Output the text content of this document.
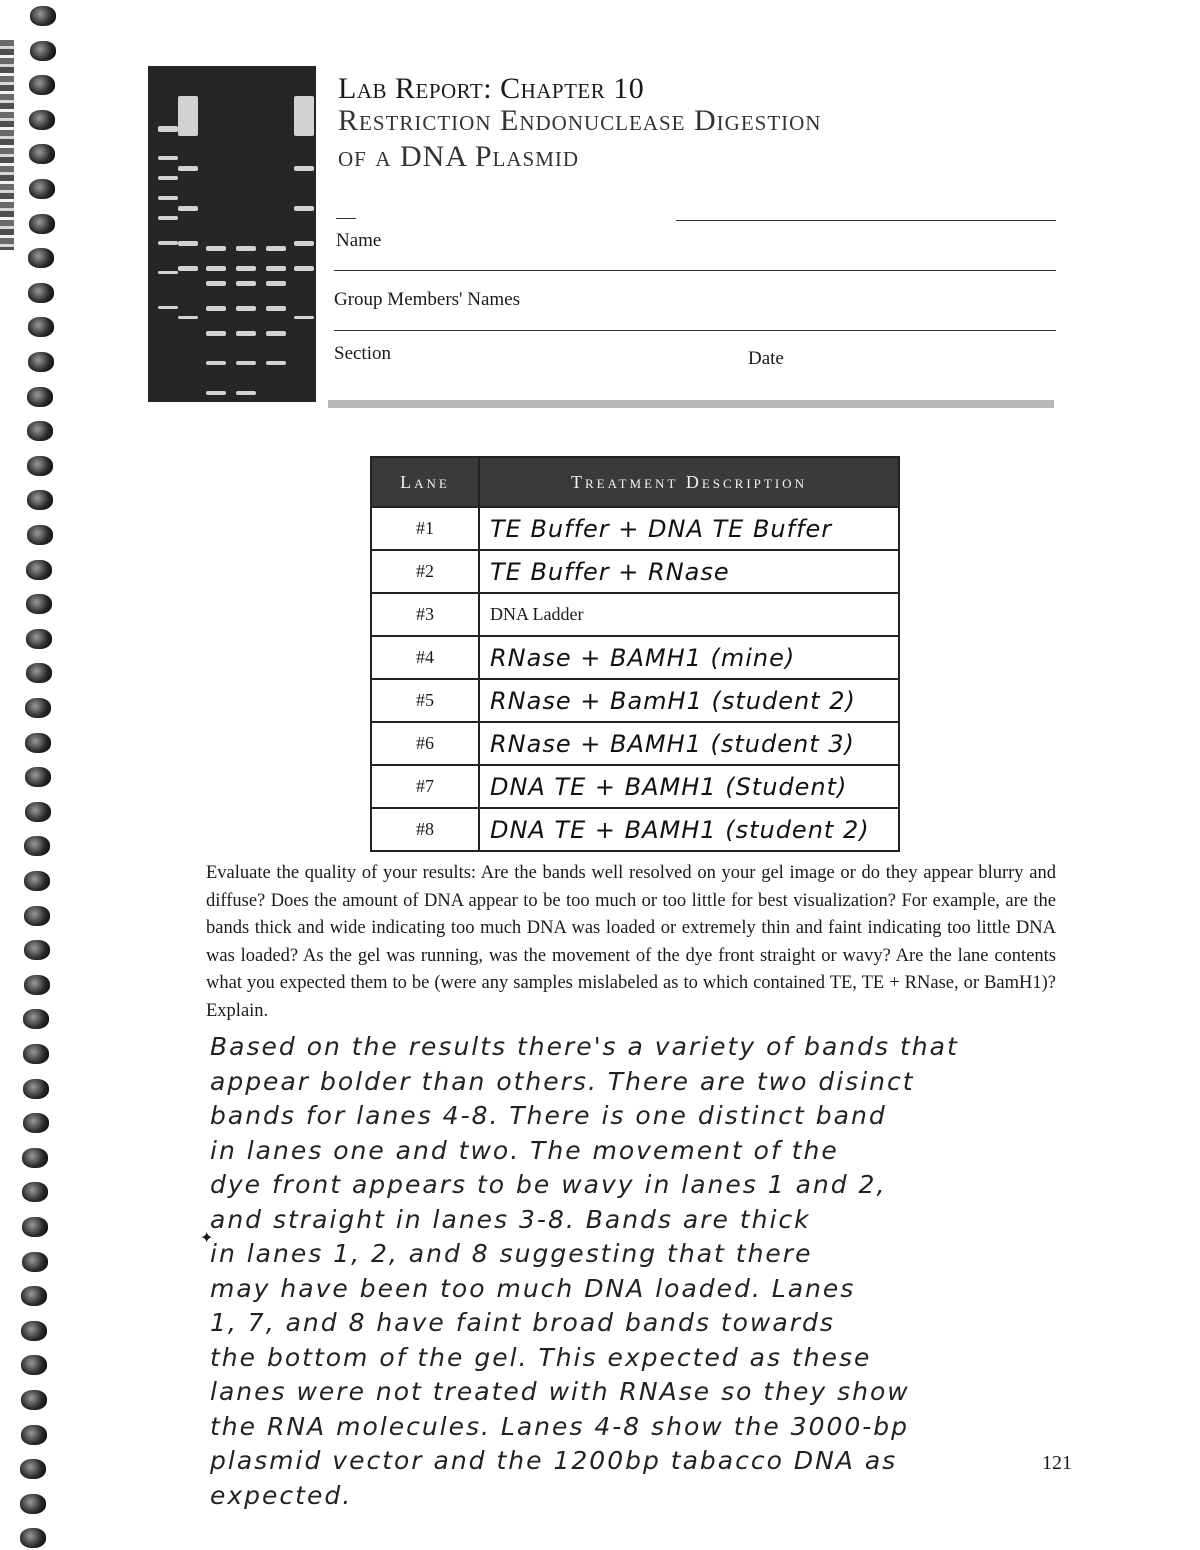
Lab Report: Chapter 10
Restriction Endonuclease Digestion
of a DNA Plasmid
Name
Group Members' Names
Section	Date
Lane	Treatment Description
#1	TE Buffer + DNA TE Buffer
#2	TE Buffer + RNase
#3	DNA Ladder
#4	RNase + BAMH1 (mine)
#5	RNase + BamH1 (student 2)
#6	RNase + BAMH1 (student 3)
#7	DNA TE + BAMH1 (Student)
#8	DNA TE + BAMH1 (student 2)
Evaluate the quality of your results: Are the bands well resolved on your gel image or do they appear blurry and diffuse? Does the amount of DNA appear to be too much or too little for best visualization? For example, are the bands thick and wide indicating too much DNA was loaded or extremely thin and faint indicating too little DNA was loaded? As the gel was running, was the movement of the dye front straight or wavy? Are the lane contents what you expected them to be (were any samples mislabeled as to which contained TE, TE + RNase, or BamH1)? Explain.
✦
Based on the results there's a variety of bands that
appear bolder than others. There are two disinct
bands for lanes 4-8. There is one distinct band
in lanes one and two. The movement of the
dye front appears to be wavy in lanes 1 and 2,
and straight in lanes 3-8. Bands are thick
in lanes 1, 2, and 8 suggesting that there
may have been too much DNA loaded. Lanes
1, 7, and 8 have faint broad bands towards
the bottom of the gel. This expected as these
lanes were not treated with RNAse so they show
the RNA molecules. Lanes 4-8 show the 3000-bp
plasmid vector and the 1200bp tabacco DNA as
expected.
121
